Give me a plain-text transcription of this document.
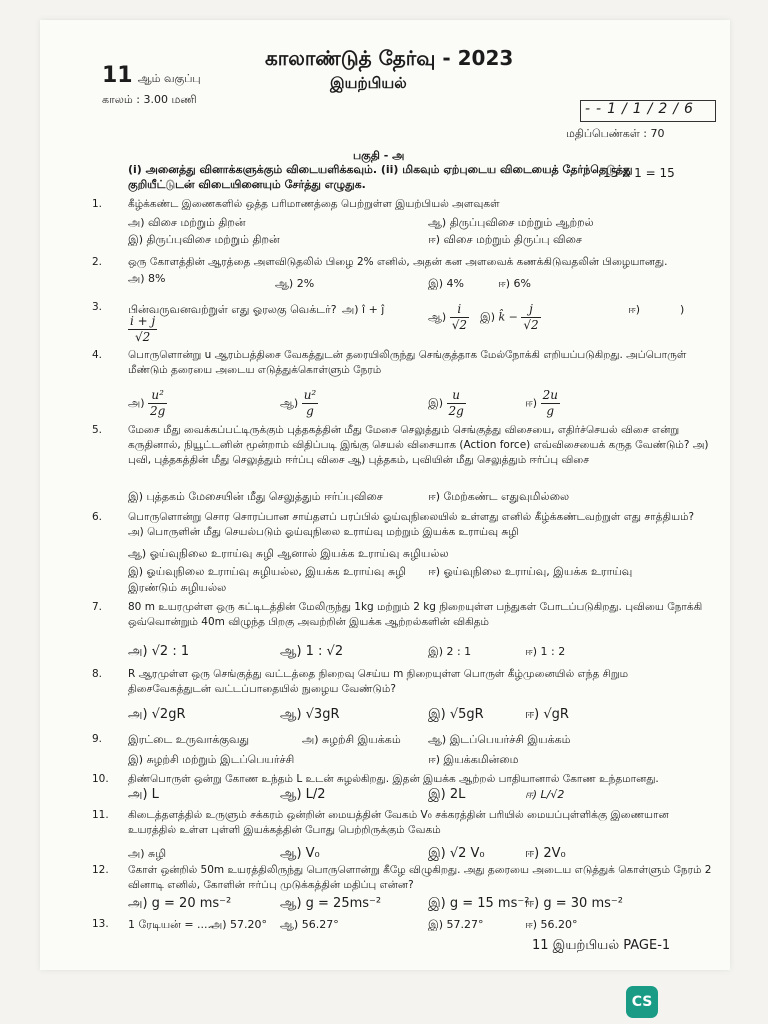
காலாண்டுத் தேர்வு - 2023
இயற்பியல்
11 ஆம் வகுப்பு
காலம் : 3.00 மணி
--1/1/2/6
மதிப்பெண்கள் : 70
பகுதி - அ
(i) அனைத்து வினாக்களுக்கும் விடையளிக்கவும். (ii) மிகவும் ஏற்புடைய விடையைத் தேர்ந்தெடுத்து
குறியீட்டுடன் விடையினையும் சேர்த்து எழுதுக.
15 X 1 = 15
1. கீழ்க்கண்ட இணைகளில் ஒத்த பரிமாணத்தை பெற்றுள்ள இயற்பியல் அளவுகள்
அ) விசை மற்றும் திறன்	ஆ) திருப்புவிசை மற்றும் ஆற்றல்
இ) திருப்புவிசை மற்றும் திறன்	ஈ) விசை மற்றும் திருப்பு விசை
2. ஒரு கோளத்தின் ஆரத்தை அளவிடுதலில் பிழை 2% எனில், அதன் கன அளவைக் கணக்கிடுவதலின் பிழையானது.
அ) 8%	ஆ) 2%	இ) 4%	ஈ) 6%
3. பின்வருவனவற்றுள் எது ஓரலகு வெக்டர்? அ) î + ĵ
ஆ) $\frac{i}{√2}$ இ) k̂ − $\frac{j}{√2}$	ஈ)	)
$\frac{i + j}{√2}$
4. பொருளொன்று u ஆரம்பத்திசை வேகத்துடன் தரையிலிருந்து செங்குத்தாக மேல்நோக்கி எறியப்படுகிறது. அப்பொருள் மீண்டும் தரையை அடைய எடுத்துக்கொள்ளும் நேரம்
அ) $\frac{\text{u²}}{2g}$	ஆ) $\frac{\text{u²}}{g}$	இ) $\frac{u}{2g}$	ஈ) $\frac{2u}{g}$
5. மேசை மீது வைக்கப்பட்டிருக்கும் புத்தகத்தின் மீது மேசை செலுத்தும் செங்குத்து விசையை, எதிர்ச்செயல் விசை என்று கருதினால், நியூட்டனின் மூன்றாம் விதிப்படி இங்கு செயல் விசையாக (Action force) எவ்விசையைக் கருத வேண்டும்? அ) புவி, புத்தகத்தின் மீது செலுத்தும் ஈர்ப்பு விசை ஆ) புத்தகம், புவியின் மீது செலுத்தும் ஈர்ப்பு விசை
இ) புத்தகம் மேசையின் மீது செலுத்தும் ஈர்ப்புவிசை	ஈ) மேற்கண்ட எதுவுமில்லை
6. பொருளொன்று சொர சொரப்பான சாய்தளப் பரப்பில் ஓய்வுநிலையில் உள்ளது எனில் கீழ்க்கண்டவற்றுள் எது சாத்தியம்? அ) பொருளின் மீது செயல்படும் ஓய்வுநிலை உராய்வு மற்றும் இயக்க உராய்வு சுழி
ஆ) ஓய்வுநிலை உராய்வு சுழி ஆனால் இயக்க உராய்வு சுழியல்ல
இ) ஓய்வுநிலை உராய்வு சுழியல்ல, இயக்க உராய்வு சுழி ஈ) ஓய்வுநிலை உராய்வு, இயக்க உராய்வு
இரண்டும் சுழியல்ல
7. 80 m உயரமுள்ள ஒரு கட்டிடத்தின் மேலிருந்து 1kg மற்றும் 2 kg நிறையுள்ள பந்துகள் போடப்படுகிறது. புவியை நோக்கி ஒவ்வொன்றும் 40m விழுந்த பிறகு அவற்றின் இயக்க ஆற்றல்களின் விகிதம்
அ) √2 : 1	ஆ) 1 : √2	இ) 2 : 1	ஈ) 1 : 2
8. R ஆரமுள்ள ஒரு செங்குத்து வட்டத்தை நிறைவு செய்ய m நிறையுள்ள பொருள் கீழ்முனையில் எந்த சிறும திசைவேகத்துடன் வட்டப்பாதையில் நுழைய வேண்டும்?
அ) √2gR	ஆ) √3gR	இ) √5gR	ஈ) √gR
9. இரட்டை உருவாக்குவது	அ) சுழற்சி இயக்கம் ஆ) இடப்பெயர்ச்சி இயக்கம்
இ) சுழற்சி மற்றும் இடப்பெயர்ச்சி	ஈ) இயக்கமின்மை
10. திண்பொருள் ஒன்று கோண உந்தம் L உடன் சுழல்கிறது. இதன் இயக்க ஆற்றல் பாதியானால் கோண உந்தமானது.
அ) L	ஆ) L/2	இ) 2L	ஈ) L/√2
11. கிடைத்தளத்தில் உருளும் சக்கரம் ஒன்றின் மையத்தின் வேகம் V₀ சக்கரத்தின் பரியில் மையப்புள்ளிக்கு இணையான உயரத்தில் உள்ள புள்ளி இயக்கத்தின் போது பெற்றிருக்கும் வேகம்
அ) சுழி	ஆ) V₀	இ) √2 V₀	ஈ) 2V₀
12. கோள் ஒன்றில் 50m உயரத்திலிருந்து பொருளொன்று கீழே விழுகிறது. அது தரையை அடைய எடுத்துக் கொள்ளும் நேரம் 2 வினாடி எனில், கோளின் ஈர்ப்பு முடுக்கத்தின் மதிப்பு என்ன?
அ) g = 20 ms⁻²	ஆ) g = 25ms⁻²	இ) g = 15 ms⁻²
ஈ) g = 30 ms⁻²
13. 1 ரேடியன் = .....
அ) 57.20° ஆ) 56.27°	இ) 57.27°	ஈ) 56.20°
11 இயற்பியல் PAGE-1
CS
